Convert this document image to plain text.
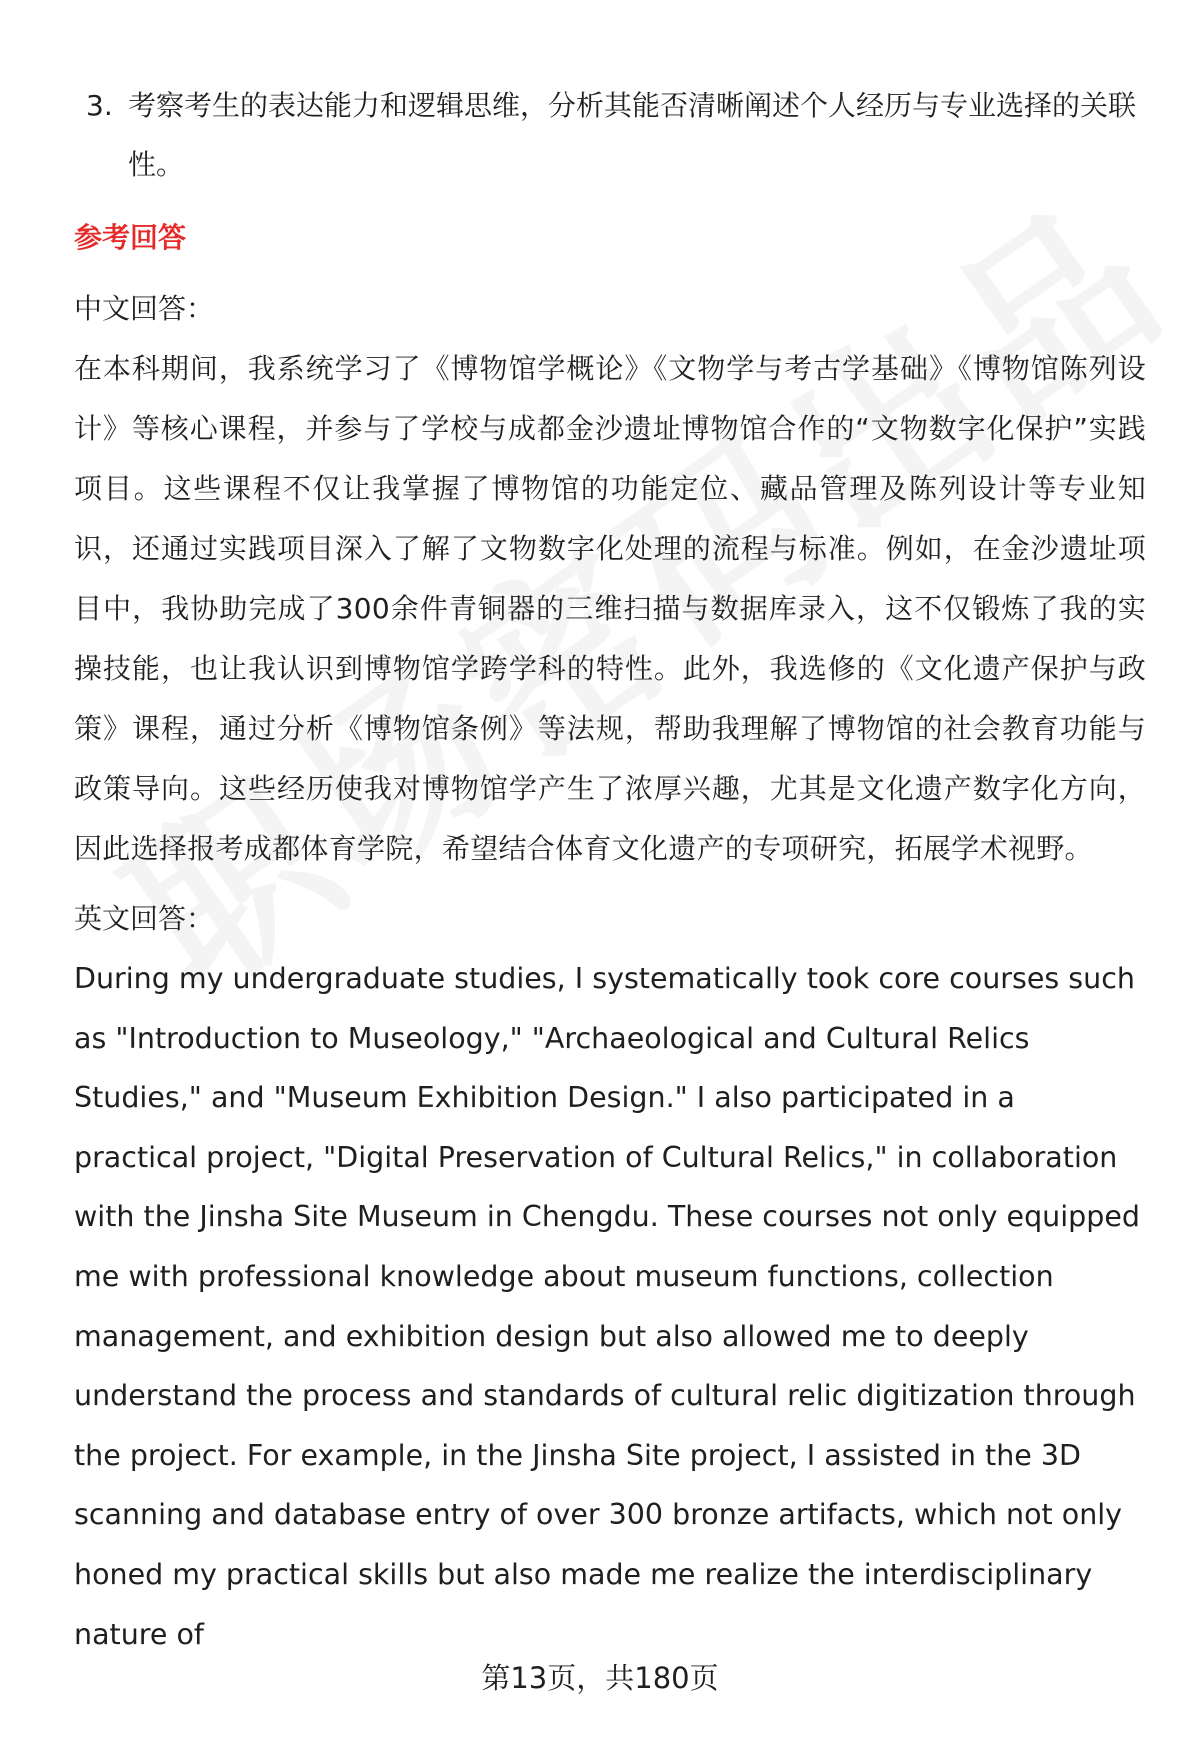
3. 考察考生的表达能力和逻辑思维，分析其能否清晰阐述个人经历与专业选择的关联性。

参考回答
中文回答：

在本科期间，我系统学习了《博物馆学概论》《文物学与考古学基础》《博物馆陈列设计》等核心课程，并参与了学校与成都金沙遗址博物馆合作的“文物数字化保护”实践项目。这些课程不仅让我掌握了博物馆的功能定位、藏品管理及陈列设计等专业知识，还通过实践项目深入了解了文物数字化处理的流程与标准。例如，在金沙遗址项目中，我协助完成了300余件青铜器的三维扫描与数据库录入，这不仅锻炼了我的实操技能，也让我认识到博物馆学跨学科的特性。此外，我选修的《文化遗产保护与政策》课程，通过分析《博物馆条例》等法规，帮助我理解了博物馆的社会教育功能与政策导向。这些经历使我对博物馆学产生了浓厚兴趣，尤其是文化遗产数字化方向，因此选择报考成都体育学院，希望结合体育文化遗产的专项研究，拓展学术视野。

英文回答：

During my undergraduate studies, I systematically took core courses such as "Introduction to Museology," "Archaeological and Cultural Relics Studies," and "Museum Exhibition Design." I also participated in a practical project, "Digital Preservation of Cultural Relics," in collaboration with the Jinsha Site Museum in Chengdu. These courses not only equipped me with professional knowledge about museum functions, collection management, and exhibition design but also allowed me to deeply understand the process and standards of cultural relic digitization through the project. For example, in the Jinsha Site project, I assisted in the 3D scanning and database entry of over 300 bronze artifacts, which not only honed my practical skills but also made me realize the interdisciplinary nature of

第13页，共180页
